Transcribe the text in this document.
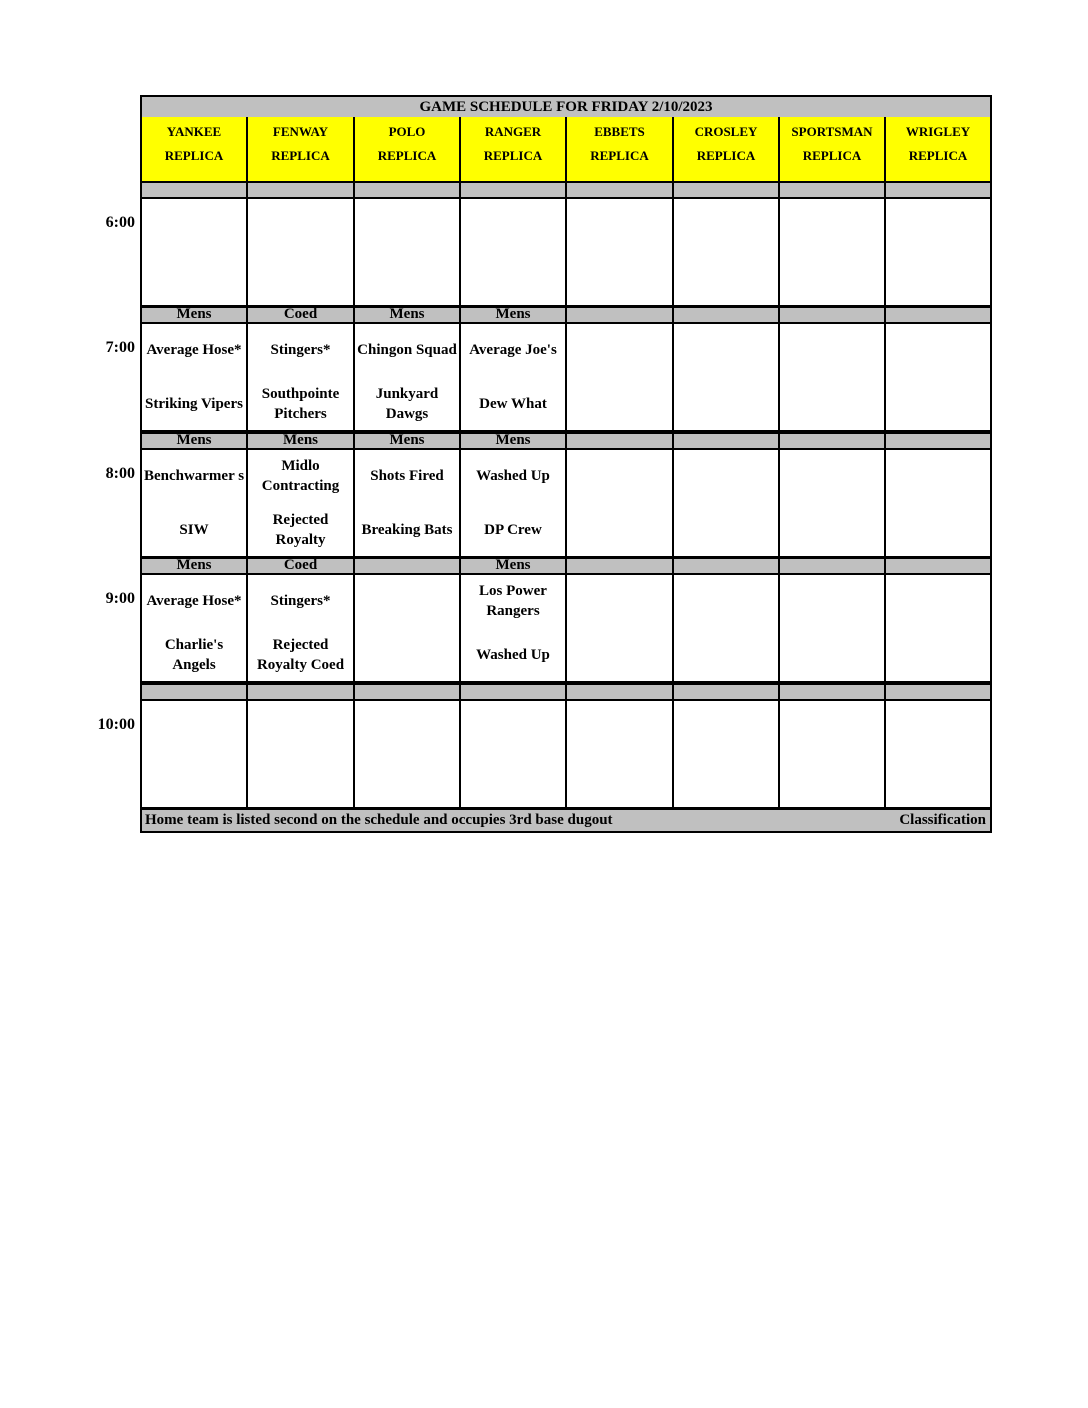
GAME SCHEDULE FOR FRIDAY 2/10/2023
YANKEE
REPLICA
FENWAY
REPLICA
POLO
REPLICA
RANGER
REPLICA
EBBETS
REPLICA
CROSLEY
REPLICA
SPORTSMAN
REPLICA
WRIGLEY
REPLICA
6:00
7:00
Mens
Average Hose*
Striking Vipers
Coed
Stingers*
Southpointe Pitchers
Mens
Chingon Squad
Junkyard Dawgs
Mens
Average Joe's
Dew What
8:00
Mens
Benchwarmer s
SIW
Mens
Midlo Contracting
Rejected Royalty
Mens
Shots Fired
Breaking Bats
Mens
Washed Up
DP Crew
9:00
Mens
Average Hose*
Charlie's Angels
Coed
Stingers*
Rejected Royalty Coed
Mens
Los Power Rangers
Washed Up
10:00
Home team is listed second on the schedule and occupies 3rd base dugout	Classification
